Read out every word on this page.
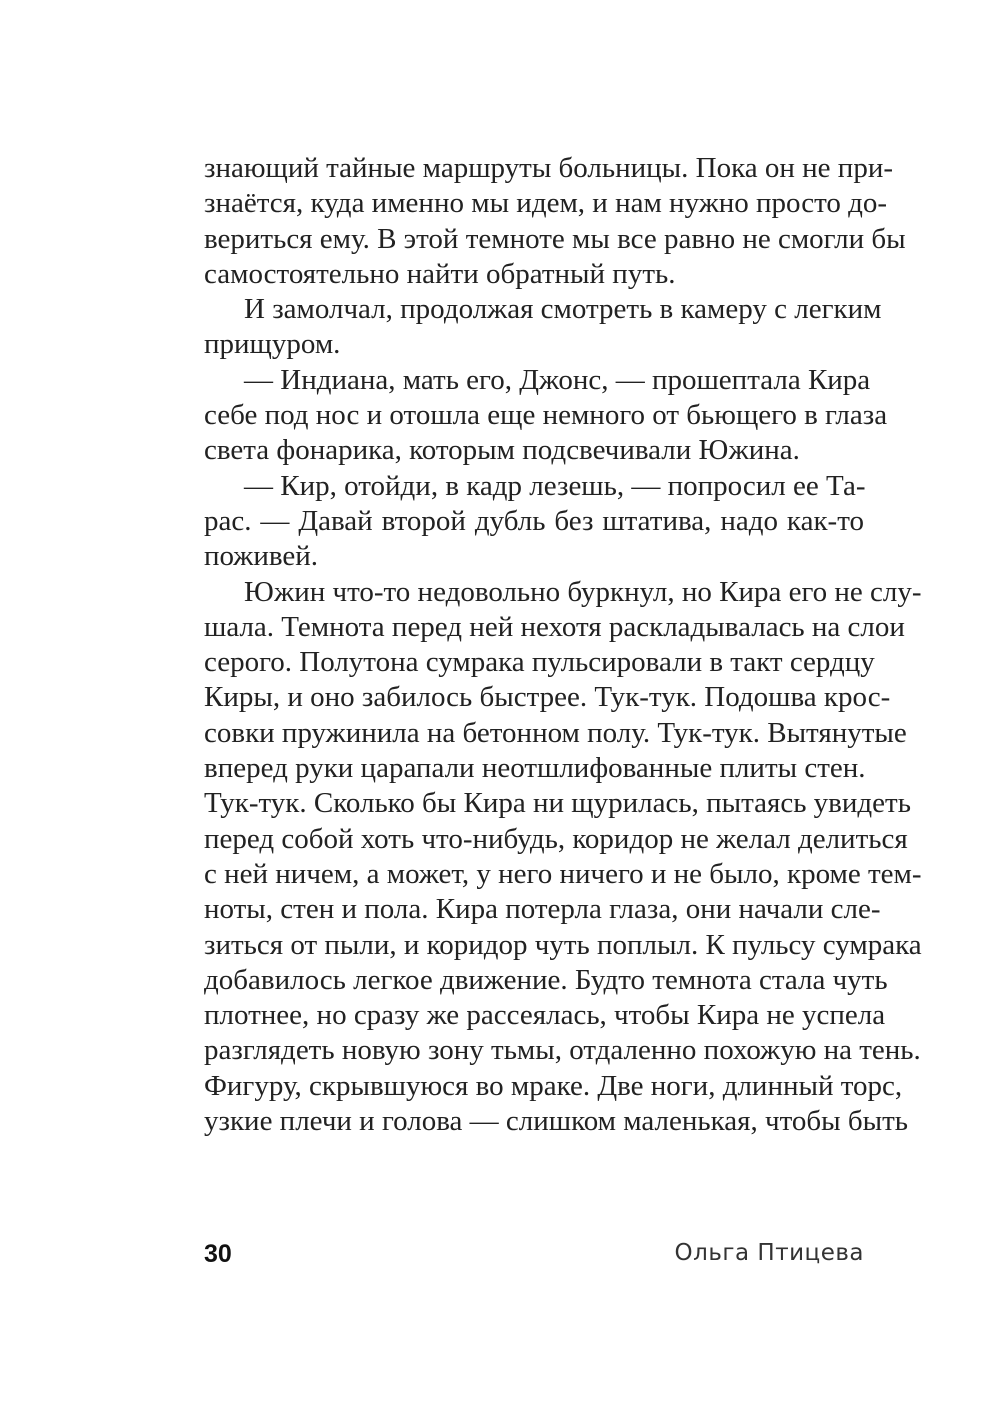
знающий тайные маршруты больницы. Пока он не при-
знаётся, куда именно мы идем, и нам нужно просто до-
вериться ему. В этой темноте мы все равно не смогли бы
самостоятельно найти обратный путь.
И замолчал, продолжая смотреть в камеру с легким
прищуром.
— Индиана, мать его, Джонс, — прошептала Кира
себе под нос и отошла еще немного от бьющего в глаза
света фонарика, которым подсвечивали Южина.
— Кир, отойди, в кадр лезешь, — попросил ее Та-
рас. — Давай второй дубль без штатива, надо как-то
поживей.
Южин что-то недовольно буркнул, но Кира его не слу-
шала. Темнота перед ней нехотя раскладывалась на слои
серого. Полутона сумрака пульсировали в такт сердцу
Киры, и оно забилось быстрее. Тук-тук. Подошва крос-
совки пружинила на бетонном полу. Тук-тук. Вытянутые
вперед руки царапали неотшлифованные плиты стен.
Тук-тук. Сколько бы Кира ни щурилась, пытаясь увидеть
перед собой хоть что-нибудь, коридор не желал делиться
с ней ничем, а может, у него ничего и не было, кроме тем-
ноты, стен и пола. Кира потерла глаза, они начали сле-
зиться от пыли, и коридор чуть поплыл. К пульсу сумрака
добавилось легкое движение. Будто темнота стала чуть
плотнее, но сразу же рассеялась, чтобы Кира не успела
разглядеть новую зону тьмы, отдаленно похожую на тень.
Фигуру, скрывшуюся во мраке. Две ноги, длинный торс,
узкие плечи и голова — слишком маленькая, чтобы быть
30	Ольга Птицева
